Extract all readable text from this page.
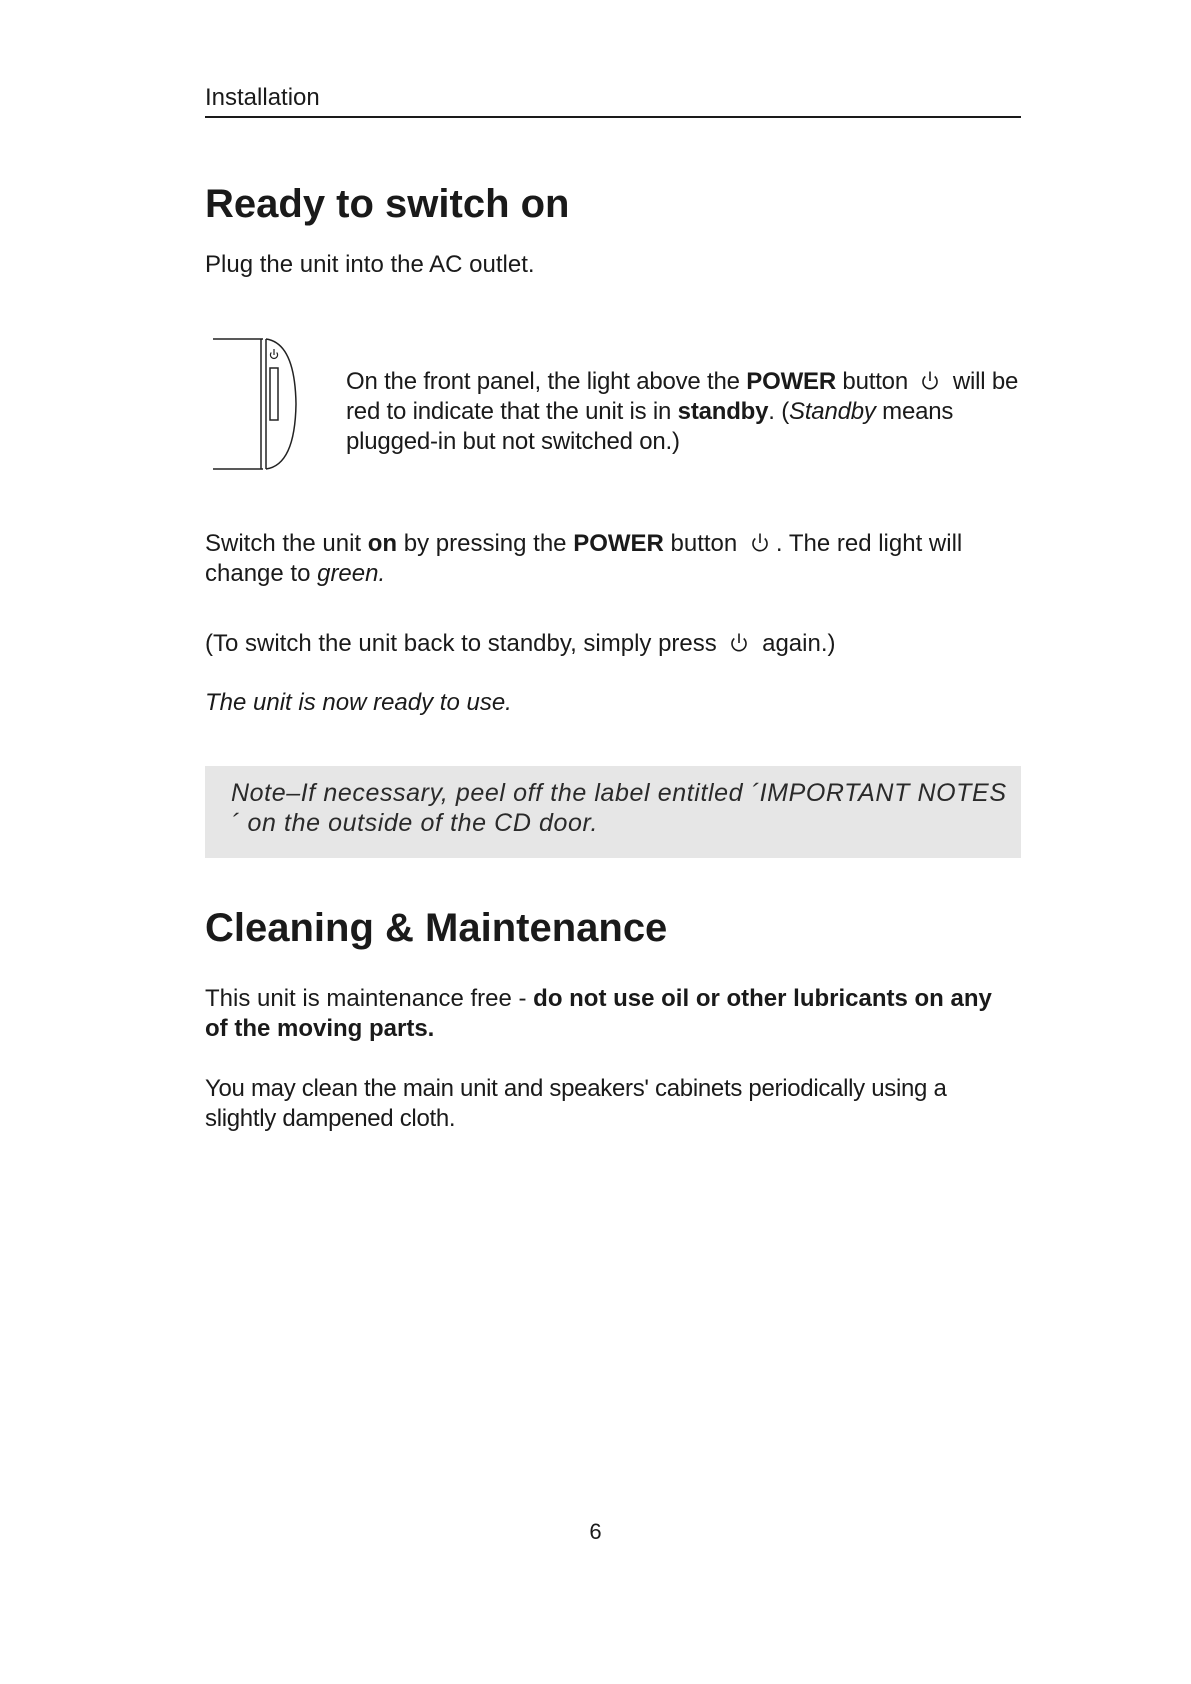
Installation
Ready to switch on

Plug the unit into the AC outlet.

On the front panel, the light above the POWER button
will be red to indicate that the unit is in standby. (Standby means plugged-in but not switched on.)

Switch the unit on by pressing the POWER button
. The red light will change to green.

(To switch the unit back to standby, simply press
again.)

The unit is now ready to use.

Note–If necessary, peel off the label entitled ´IMPORTANT NOTES´ on the outside of the CD door.

Cleaning & Maintenance

This unit is maintenance free - do not use oil or other lubricants on any of the moving parts.

You may clean the main unit and speakers' cabinets periodically using a slightly dampened cloth.

6
